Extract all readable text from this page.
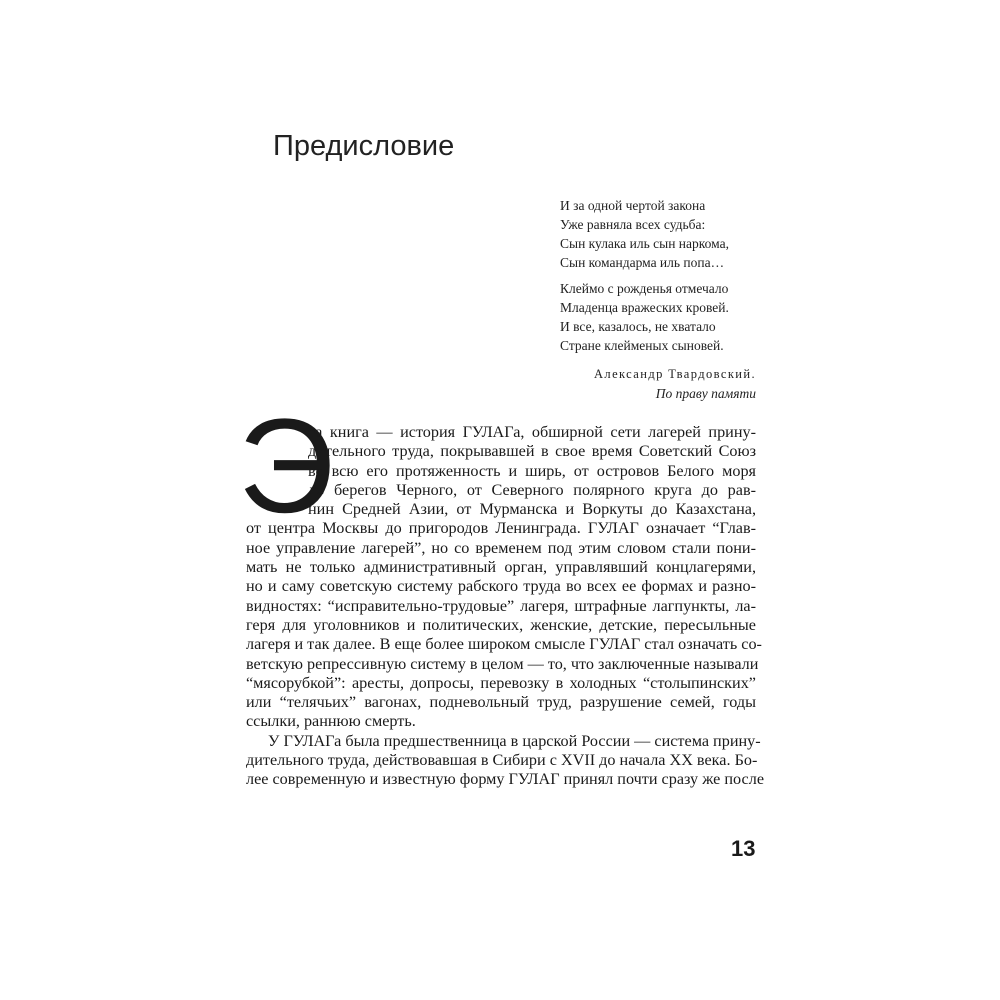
Предисловие
И за одной чертой закона
Уже равняла всех судьба:
Сын кулака иль сын наркома,
Сын командарма иль попа…
Клеймо с рожденья отмечало
Младенца вражеских кровей.
И все, казалось, не хватало
Стране клейменых сыновей.
Александр Твардовский.
По праву памяти
Э
та книга — история ГУЛАГа, обширной сети лагерей прину-
дительного труда, покрывавшей в свое время Советский Союз
во всю его протяженность и ширь, от островов Белого моря
до берегов Черного, от Северного полярного круга до рав-
нин Средней Азии, от Мурманска и Воркуты до Казахстана,
от центра Москвы до пригородов Ленинграда. ГУЛАГ означает “Глав-
ное управление лагерей”, но со временем под этим словом стали пони-
мать не только административный орган, управлявший концлагерями,
но и саму советскую систему рабского труда во всех ее формах и разно-
видностях: “исправительно-трудовые” лагеря, штрафные лагпункты, ла-
геря для уголовников и политических, женские, детские, пересыльные
лагеря и так далее. В еще более широком смысле ГУЛАГ стал означать со-
ветскую репрессивную систему в целом — то, что заключенные называли
“мясорубкой”: аресты, допросы, перевозку в холодных “столыпинских”
или “телячьих” вагонах, подневольный труд, разрушение семей, годы
ссылки, раннюю смерть.
У ГУЛАГа была предшественница в царской России — система прину-
дительного труда, действовавшая в Сибири с XVII до начала XX века. Бо-
лее современную и известную форму ГУЛАГ принял почти сразу же после
13
